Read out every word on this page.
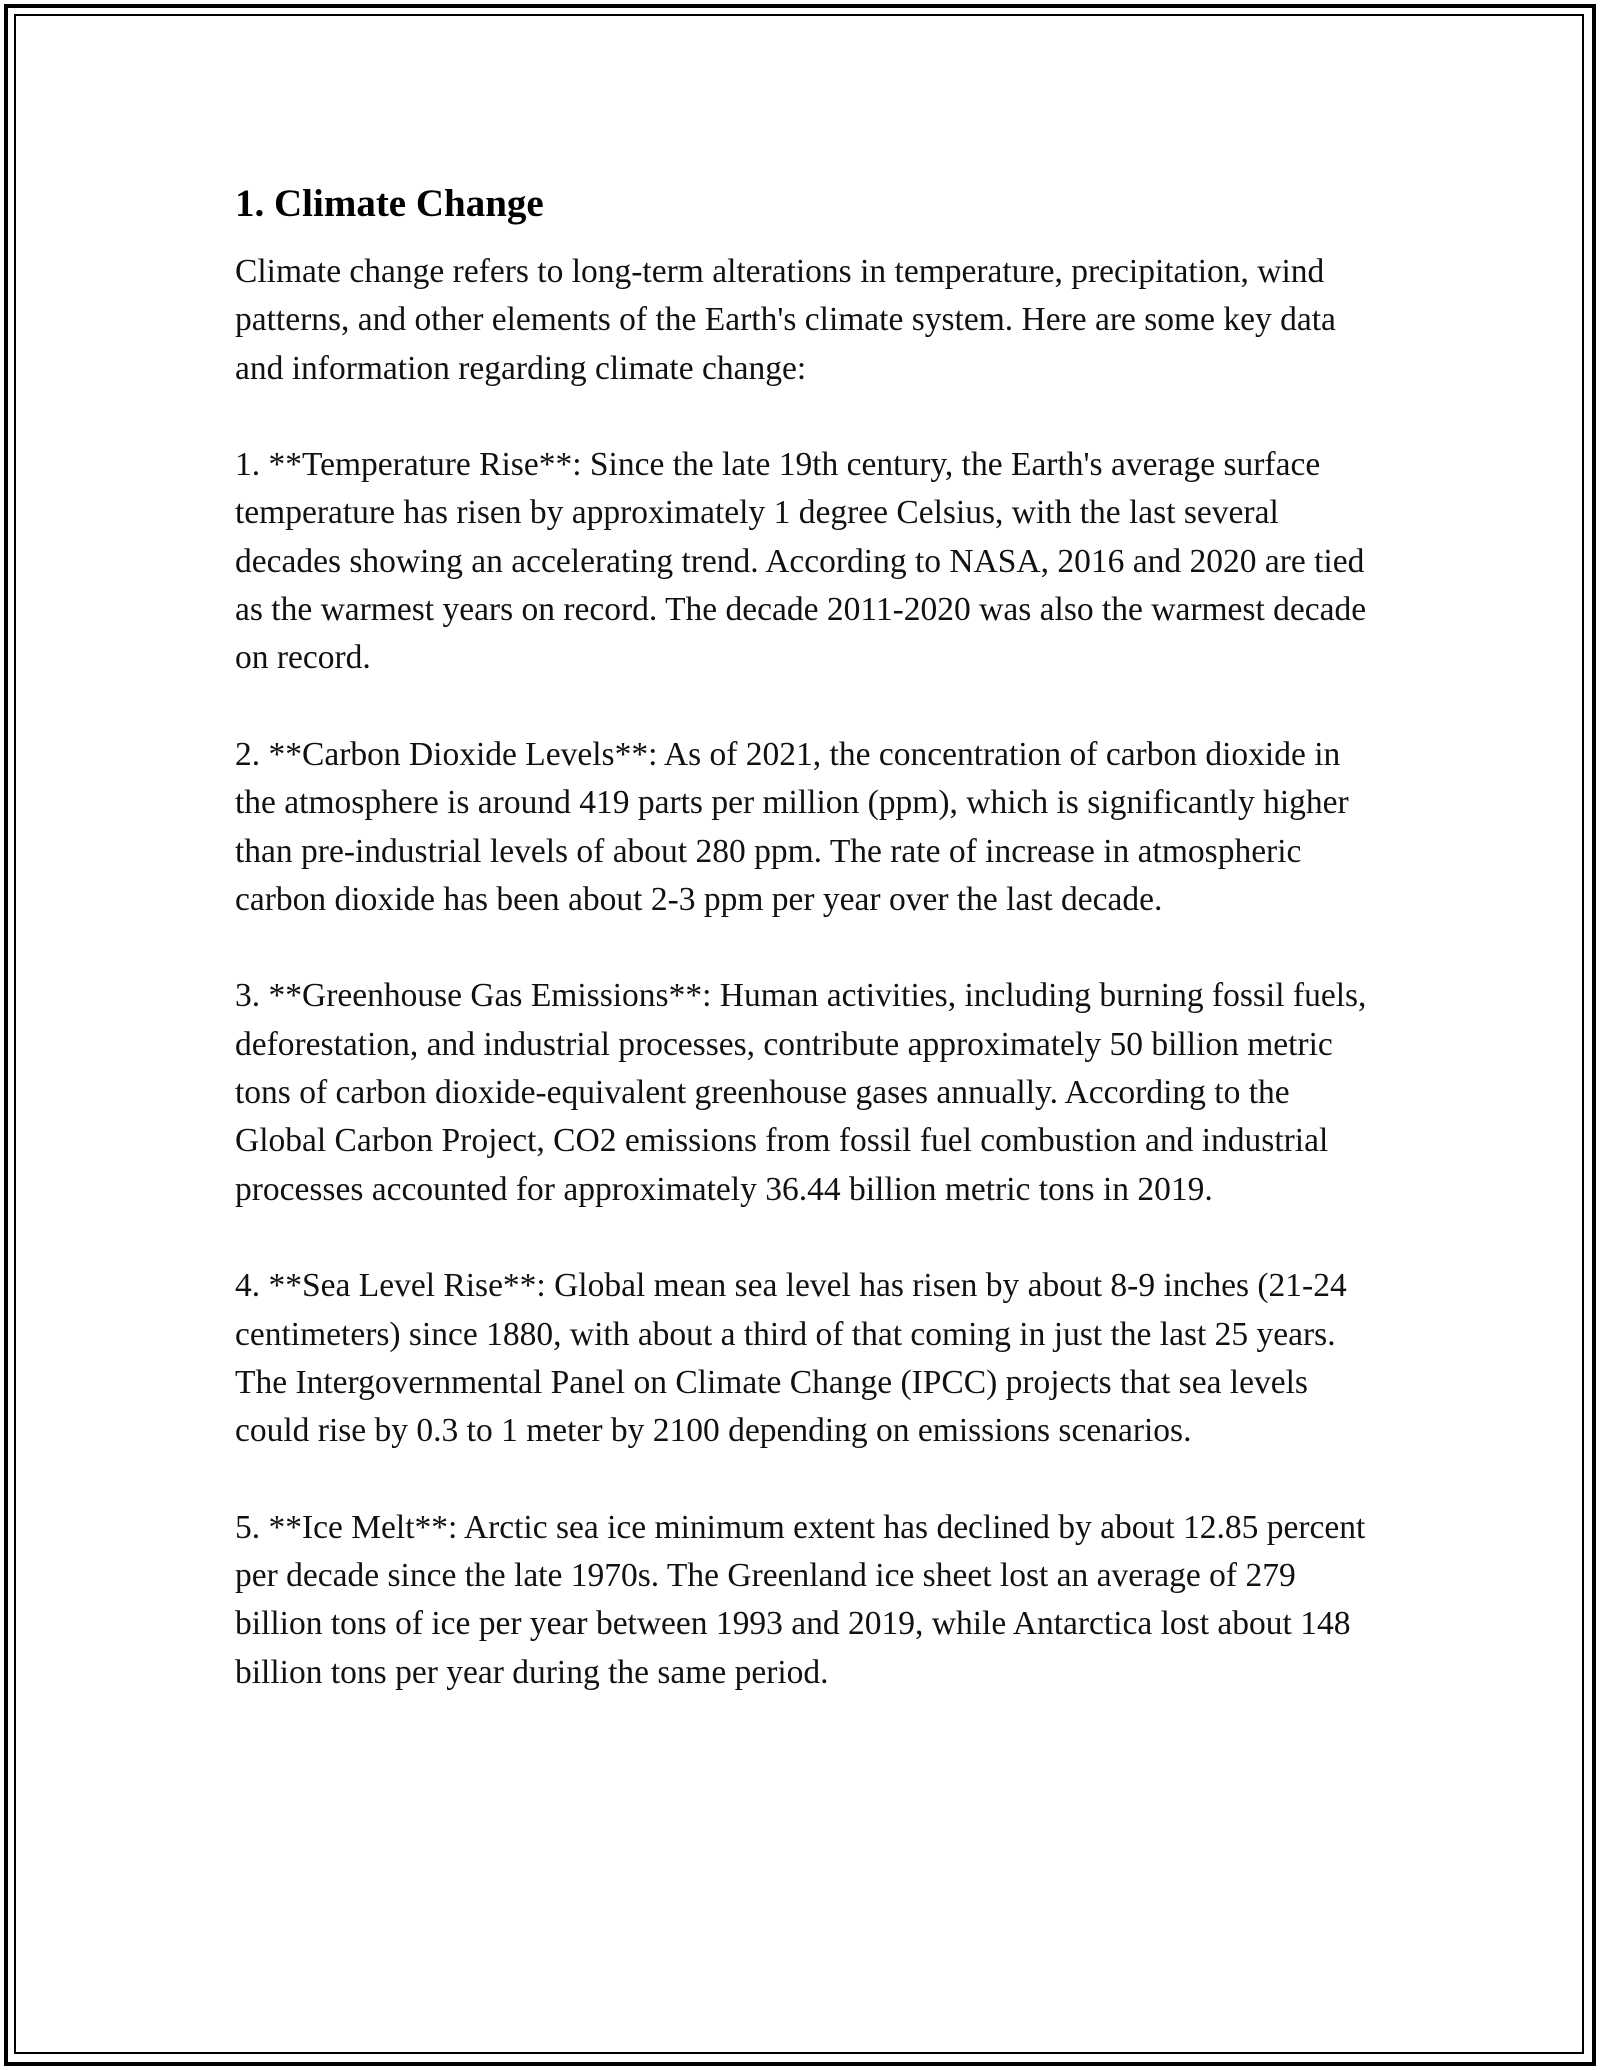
1. Climate Change

Climate change refers to long-term alterations in temperature, precipitation, wind patterns, and other elements of the Earth's climate system. Here are some key data and information regarding climate change:

1. **Temperature Rise**: Since the late 19th century, the Earth's average surface temperature has risen by approximately 1 degree Celsius, with the last several decades showing an accelerating trend. According to NASA, 2016 and 2020 are tied as the warmest years on record. The decade 2011-2020 was also the warmest decade on record.

2. **Carbon Dioxide Levels**: As of 2021, the concentration of carbon dioxide in the atmosphere is around 419 parts per million (ppm), which is significantly higher than pre-industrial levels of about 280 ppm. The rate of increase in atmospheric carbon dioxide has been about 2-3 ppm per year over the last decade.

3. **Greenhouse Gas Emissions**: Human activities, including burning fossil fuels, deforestation, and industrial processes, contribute approximately 50 billion metric tons of carbon dioxide-equivalent greenhouse gases annually. According to the Global Carbon Project, CO2 emissions from fossil fuel combustion and industrial processes accounted for approximately 36.44 billion metric tons in 2019.

4. **Sea Level Rise**: Global mean sea level has risen by about 8-9 inches (21-24 centimeters) since 1880, with about a third of that coming in just the last 25 years. The Intergovernmental Panel on Climate Change (IPCC) projects that sea levels could rise by 0.3 to 1 meter by 2100 depending on emissions scenarios.

5. **Ice Melt**: Arctic sea ice minimum extent has declined by about 12.85 percent per decade since the late 1970s. The Greenland ice sheet lost an average of 279 billion tons of ice per year between 1993 and 2019, while Antarctica lost about 148 billion tons per year during the same period.
